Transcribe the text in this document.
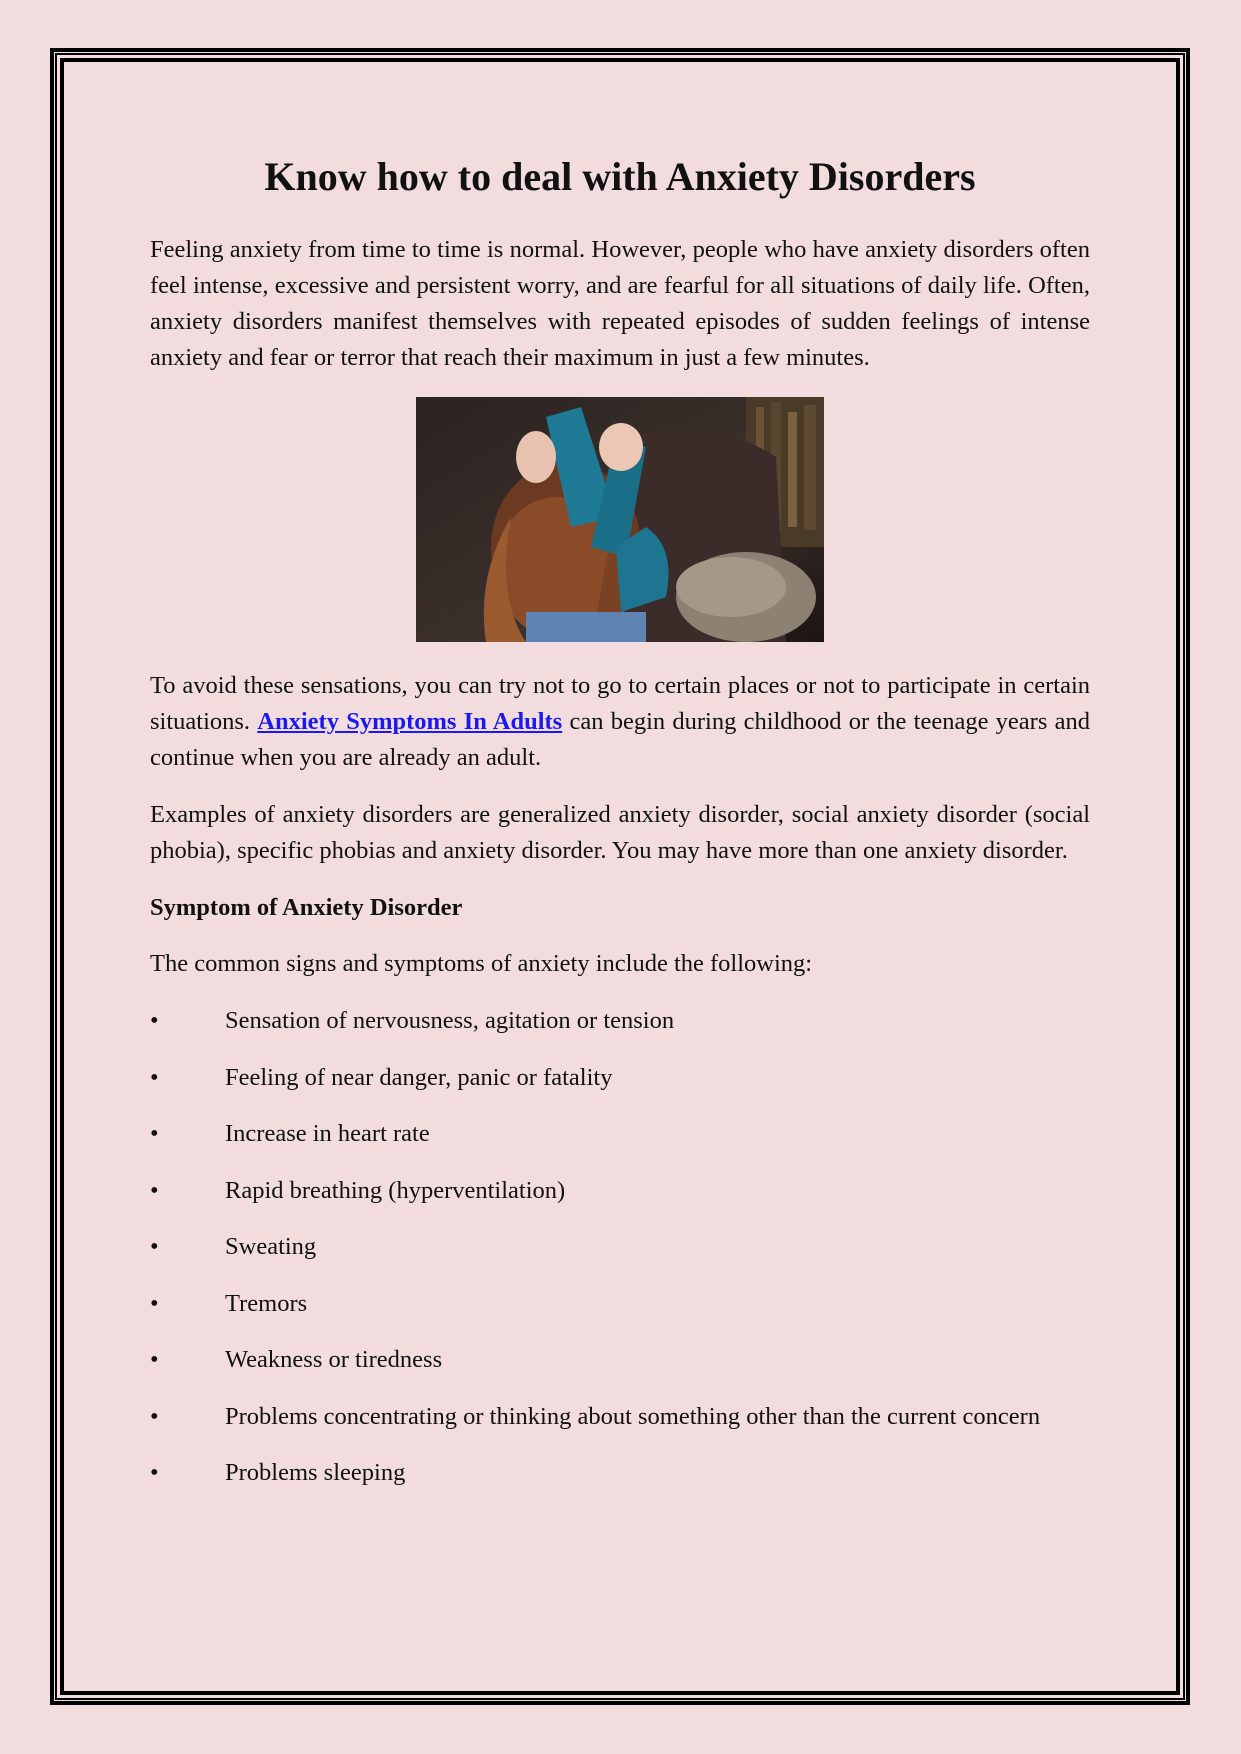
Know how to deal with Anxiety Disorders

Feeling anxiety from time to time is normal. However, people who have anxiety disorders often feel intense, excessive and persistent worry, and are fearful for all situations of daily life. Often, anxiety disorders manifest themselves with repeated episodes of sudden feelings of intense anxiety and fear or terror that reach their maximum in just a few minutes.

To avoid these sensations, you can try not to go to certain places or not to participate in certain situations. Anxiety Symptoms In Adults can begin during childhood or the teenage years and continue when you are already an adult.

Examples of anxiety disorders are generalized anxiety disorder, social anxiety disorder (social phobia), specific phobias and anxiety disorder. You may have more than one anxiety disorder.

Symptom of Anxiety Disorder

The common signs and symptoms of anxiety include the following:

•	Sensation of nervousness, agitation or tension
•	Feeling of near danger, panic or fatality
•	Increase in heart rate
•	Rapid breathing (hyperventilation)
•	Sweating
•	Tremors
•	Weakness or tiredness
•	Problems concentrating or thinking about something other than the current concern
•	Problems sleeping
